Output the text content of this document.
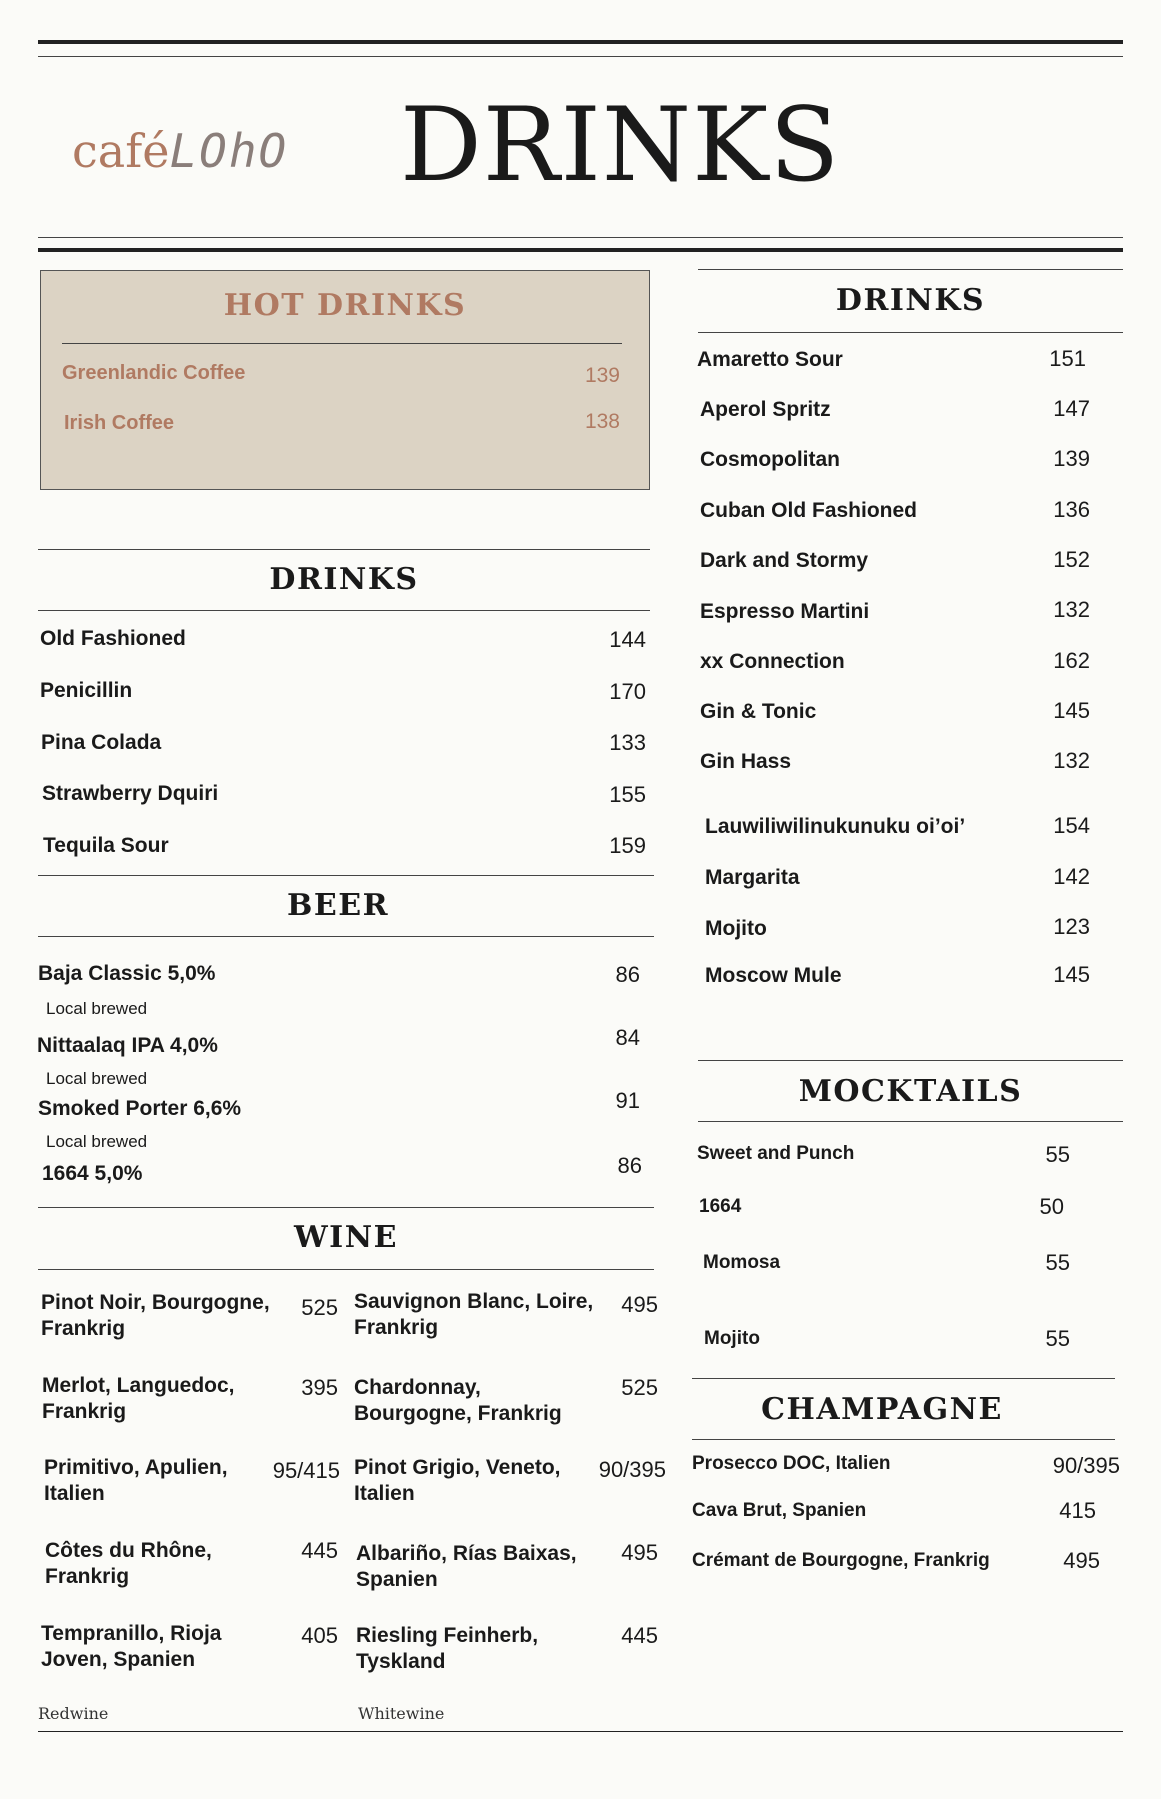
caféLOhO DRINKS
HOT DRINKS
Greenlandic Coffee	139
Irish Coffee	138
DRINKS
Old Fashioned	144
Penicillin	170
Pina Colada	133
Strawberry Dquiri	155
Tequila Sour	159
BEER
Baja Classic 5,0%	86
Local brewed
Nittaalaq IPA 4,0%	84
Local brewed
Smoked Porter 6,6%	91
Local brewed
1664 5,0%	86
WINE
Pinot Noir, Bourgogne,
Frankrig
525
Merlot, Languedoc,
Frankrig
395
Primitivo, Apulien,
Italien
95/415
Côtes du Rhône,
Frankrig
445
Tempranillo, Rioja
Joven, Spanien
405
Sauvignon Blanc, Loire,
Frankrig
495
Chardonnay,
Bourgogne, Frankrig
525
Pinot Grigio, Veneto,
Italien
90/395
Albariño, Rías Baixas,
Spanien
495
Riesling Feinherb,
Tyskland
445
Redwine	Whitewine
DRINKS
Amaretto Sour	151
Aperol Spritz	147
Cosmopolitan	139
Cuban Old Fashioned	136
Dark and Stormy	152
Espresso Martini	132
xx Connection	162
Gin & Tonic	145
Gin Hass	132
Lauwiliwilinukunuku oi’oi’	154
Margarita	142
Mojito	123
Moscow Mule	145
MOCKTAILS
Sweet and Punch	55
1664	50
Momosa	55
Mojito	55
CHAMPAGNE
Prosecco DOC, Italien	90/395
Cava Brut, Spanien	415
Crémant de Bourgogne, Frankrig	495
